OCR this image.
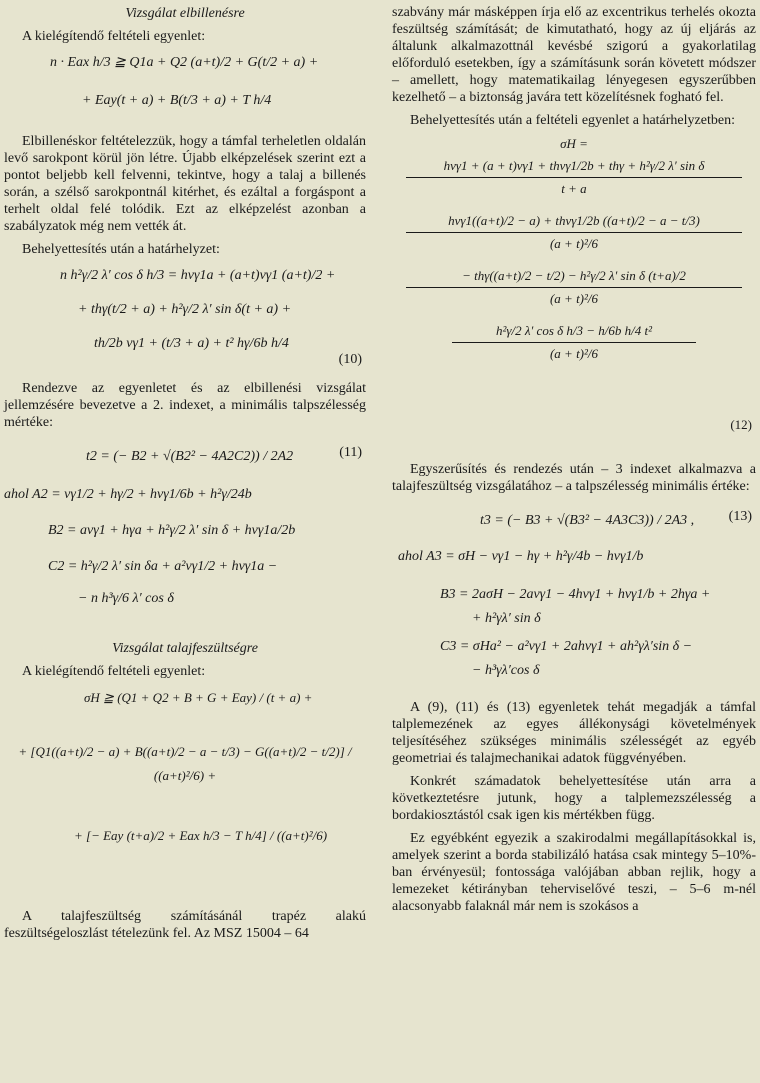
Vizsgálat elbillenésre

A kielégítendő feltételi egyenlet:

n · Eax h/3 ≧ Q1a + Q2 (a+t)/2 + G(t/2 + a) +
+ Eay(t + a) + B(t/3 + a) + T h/4

Elbillenéskor feltételezzük, hogy a támfal terheletlen oldalán levő sarokpont körül jön létre. Újabb elképzelések szerint ezt a pontot beljebb kell felvenni, tekintve, hogy a talaj a billenés során, a szélső sarokpontnál kitérhet, és ezáltal a forgáspont a terhelt oldal felé tolódik. Ezt az elképzelést azonban a szabályzatok még nem vették át.

Behelyettesítés után a határhelyzet:

n h²γ/2 λ′ cos δ h/3 = hvγ1a + (a+t)vγ1 (a+t)/2 +
+ thγ(t/2 + a) + h²γ/2 λ′ sin δ(t + a) +
th/2b vγ1 + (t/3 + a) + t² hγ/6b h/4
(10)

Rendezve az egyenletet és az elbillenési vizsgálat jellemzésére bevezetve a 2. indexet, a minimális talpszélesség mértéke:

t2 = (− B2 + √(B2² − 4A2C2)) / 2A2	(11)
ahol A2 = vγ1/2 + hγ/2 + hvγ1/6b + h²γ/24b
B2 = avγ1 + hγa + h²γ/2 λ′ sin δ + hvγ1a/2b
C2 = h²γ/2 λ′ sin δa + a²vγ1/2 + hvγ1a −
− n h³γ/6 λ′ cos δ
Vizsgálat talajfeszültségre

A kielégítendő feltételi egyenlet:

σH ≧ (Q1 + Q2 + B + G + Eay) / (t + a) +
+ [Q1((a+t)/2 − a) + B((a+t)/2 − a − t/3) − G((a+t)/2 − t/2)] / ((a+t)²/6) +
+ [− Eay (t+a)/2 + Eax h/3 − T h/4] / ((a+t)²/6)

A talajfeszültség számításánál trapéz alakú feszültségeloszlást tételezünk fel. Az MSZ 15004 – 64

szabvány már másképpen írja elő az excentrikus terhelés okozta feszültség számítását; de kimutatható, hogy az új eljárás az általunk alkalmazottnál kevésbé szigorú a gyakorlatilag előforduló esetekben, így a számításunk során követett módszer – amellett, hogy matematikailag lényegesen egyszerűbben kezelhető – a biztonság javára tett közelítésnek fogható fel.

Behelyettesítés után a feltételi egyenlet a határhelyzetben:

σH =
hvγ1 + (a + t)vγ1 + thvγ1/2b + thγ + h²γ/2 λ′ sin δ
t + a
hvγ1((a+t)/2 − a) + thvγ1/2b ((a+t)/2 − a − t/3)
(a + t)²/6
− thγ((a+t)/2 − t/2) − h²γ/2 λ′ sin δ (t+a)/2
(a + t)²/6
h²γ/2 λ′ cos δ h/3 − h/6b h/4 t²
(a + t)²/6
(12)

Egyszerűsítés és rendezés után – 3 indexet alkalmazva a talajfeszültség vizsgálatához – a talpszélesség minimális értéke:

t3 = (− B3 + √(B3² − 4A3C3)) / 2A3 ,	(13)
ahol A3 = σH − vγ1 − hγ + h²γ/4b − hvγ1/b
B3 = 2aσH − 2avγ1 − 4hvγ1 + hvγ1/b + 2hγa +
+ h²γλ′ sin δ
C3 = σHa² − a²vγ1 + 2ahvγ1 + ah²γλ′sin δ −
− h³γλ′cos δ

A (9), (11) és (13) egyenletek tehát megadják a támfal talplemezének az egyes állékonysági követelmények teljesítéséhez szükséges minimális szélességét az egyéb geometriai és talajmechanikai adatok függvényében.

Konkrét számadatok behelyettesítése után arra a következtetésre jutunk, hogy a talplemezszélesség a bordakiosztástól csak igen kis mértékben függ.

Ez egyébként egyezik a szakirodalmi megállapításokkal is, amelyek szerint a borda stabilizáló hatása csak mintegy 5–10%-ban érvényesül; fontossága valójában abban rejlik, hogy a lemezeket kétirányban teherviselővé teszi, – 5–6 m-nél alacsonyabb falaknál már nem is szokásos a
